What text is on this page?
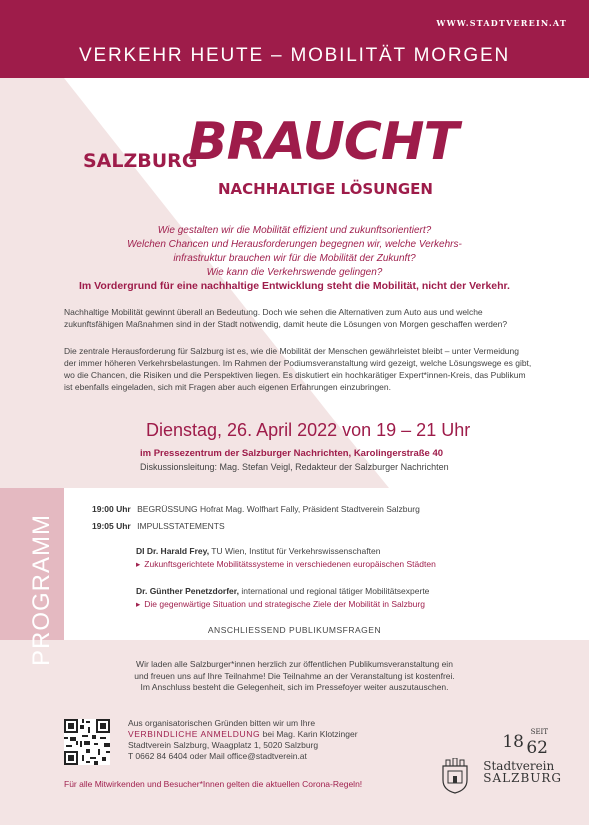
WWW.STADTVEREIN.AT
VERKEHR HEUTE – MOBILITÄT MORGEN
SALZBURG
BRAUCHT
NACHHALTIGE LÖSUNGEN
Wie gestalten wir die Mobilität effizient und zukunftsorientiert?
Welchen Chancen und Herausforderungen begegnen wir, welche Verkehrs-
infrastruktur brauchen wir für die Mobilität der Zukunft?
Wie kann die Verkehrswende gelingen?
Im Vordergrund für eine nachhaltige Entwicklung steht die Mobilität, nicht der Verkehr.
Nachhaltige Mobilität gewinnt überall an Bedeutung. Doch wie sehen die Alternativen zum Auto aus und welche
zukunftsfähigen Maßnahmen sind in der Stadt notwendig, damit heute die Lösungen von Morgen geschaffen werden?
Die zentrale Herausforderung für Salzburg ist es, wie die Mobilität der Menschen gewährleistet bleibt – unter Vermeidung
der immer höheren Verkehrsbelastungen. Im Rahmen der Podiumsveranstaltung wird gezeigt, welche Lösungswege es gibt,
wo die Chancen, die Risiken und die Perspektiven liegen. Es diskutiert ein hochkarätiger Expert*innen-Kreis, das Publikum
ist ebenfalls eingeladen, sich mit Fragen aber auch eigenen Erfahrungen einzubringen.
Dienstag, 26. April 2022 von 19 – 21 Uhr
im Pressezentrum der Salzburger Nachrichten, Karolingerstraße 40
Diskussionsleitung: Mag. Stefan Veigl, Redakteur der Salzburger Nachrichten
PROGRAMM
19:00 Uhr BEGRÜSSUNG Hofrat Mag. Wolfhart Fally, Präsident Stadtverein Salzburg
19:05 Uhr IMPULSSTATEMENTS
DI Dr. Harald Frey, TU Wien, Institut für Verkehrswissenschaften
▸ Zukunftsgerichtete Mobilitätssysteme in verschiedenen europäischen Städten
Dr. Günther Penetzdorfer, international und regional tätiger Mobilitätsexperte
▸ Die gegenwärtige Situation und strategische Ziele der Mobilität in Salzburg
ANSCHLIESSEND PUBLIKUMSFRAGEN
Wir laden alle Salzburger*innen herzlich zur öffentlichen Publikumsveranstaltung ein
und freuen uns auf Ihre Teilnahme! Die Teilnahme an der Veranstaltung ist kostenfrei.
Im Anschluss besteht die Gelegenheit, sich im Pressefoyer weiter auszutauschen.
Aus organisatorischen Gründen bitten wir um Ihre
VERBINDLICHE ANMELDUNG bei Mag. Karin Klotzinger
Stadtverein Salzburg, Waagplatz 1, 5020 Salzburg
T 0662 84 6404 oder Mail office@stadtverein.at
Für alle Mitwirkenden und Besucher*Innen gelten die aktuellen Corona-Regeln!
18 SEIT
62
Stadtverein
SALZBURG
